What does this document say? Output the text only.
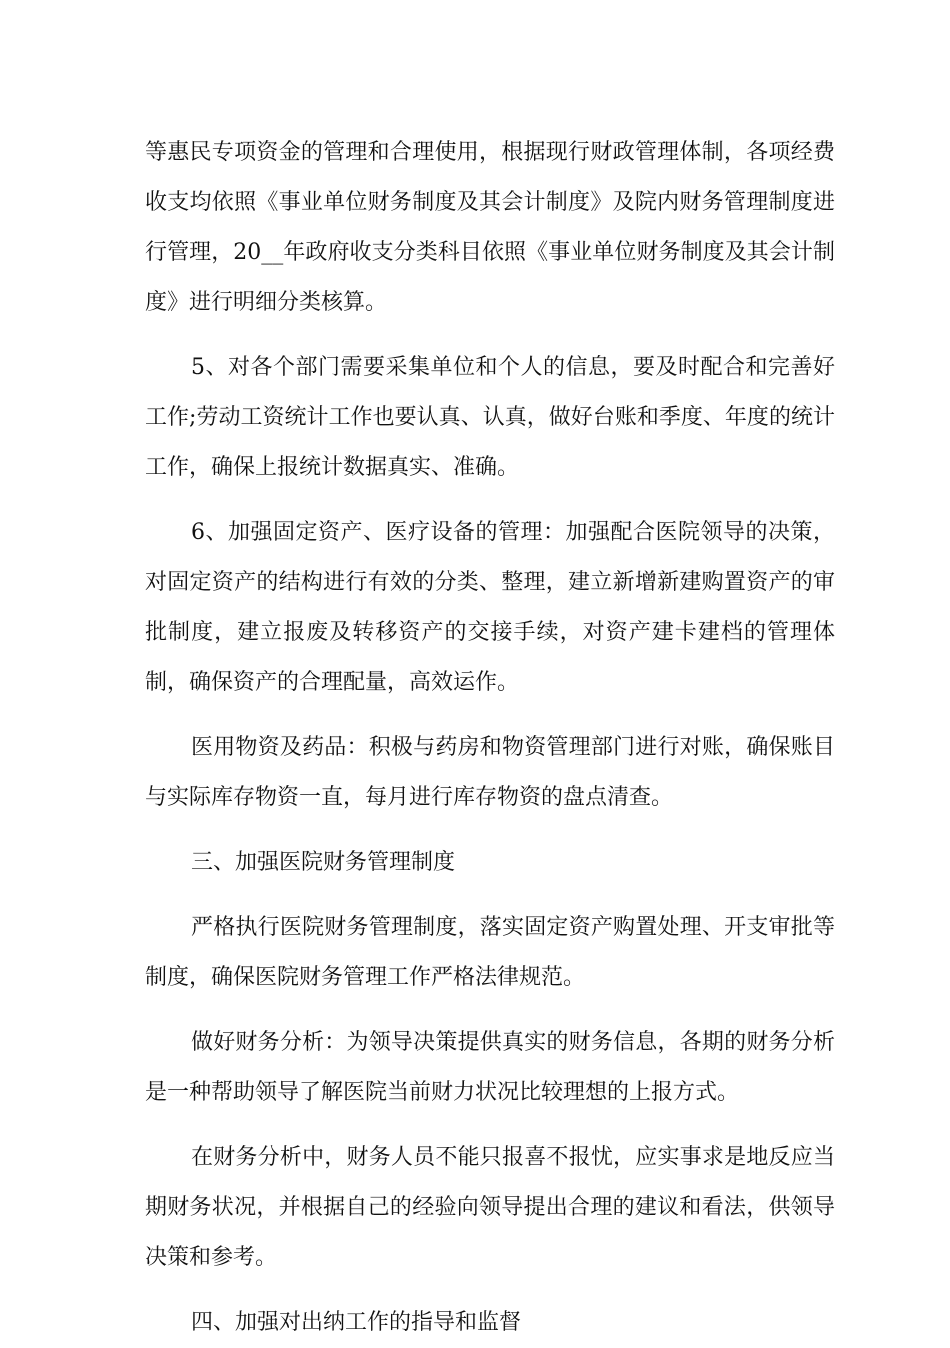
等惠民专项资金的管理和合理使用，根据现行财政管理体制，各项经费收支均依照《事业单位财务制度及其会计制度》及院内财务管理制度进行管理，20__年政府收支分类科目依照《事业单位财务制度及其会计制度》进行明细分类核算。

5、对各个部门需要采集单位和个人的信息，要及时配合和完善好工作;劳动工资统计工作也要认真、认真，做好台账和季度、年度的统计工作，确保上报统计数据真实、准确。

6、加强固定资产、医疗设备的管理：加强配合医院领导的决策，对固定资产的结构进行有效的分类、整理，建立新增新建购置资产的审批制度，建立报废及转移资产的交接手续，对资产建卡建档的管理体制，确保资产的合理配量，高效运作。

医用物资及药品：积极与药房和物资管理部门进行对账，确保账目与实际库存物资一直，每月进行库存物资的盘点清查。

三、加强医院财务管理制度

严格执行医院财务管理制度，落实固定资产购置处理、开支审批等制度，确保医院财务管理工作严格法律规范。

做好财务分析：为领导决策提供真实的财务信息，各期的财务分析是一种帮助领导了解医院当前财力状况比较理想的上报方式。

在财务分析中，财务人员不能只报喜不报忧，应实事求是地反应当期财务状况，并根据自己的经验向领导提出合理的建议和看法，供领导决策和参考。

四、加强对出纳工作的指导和监督
